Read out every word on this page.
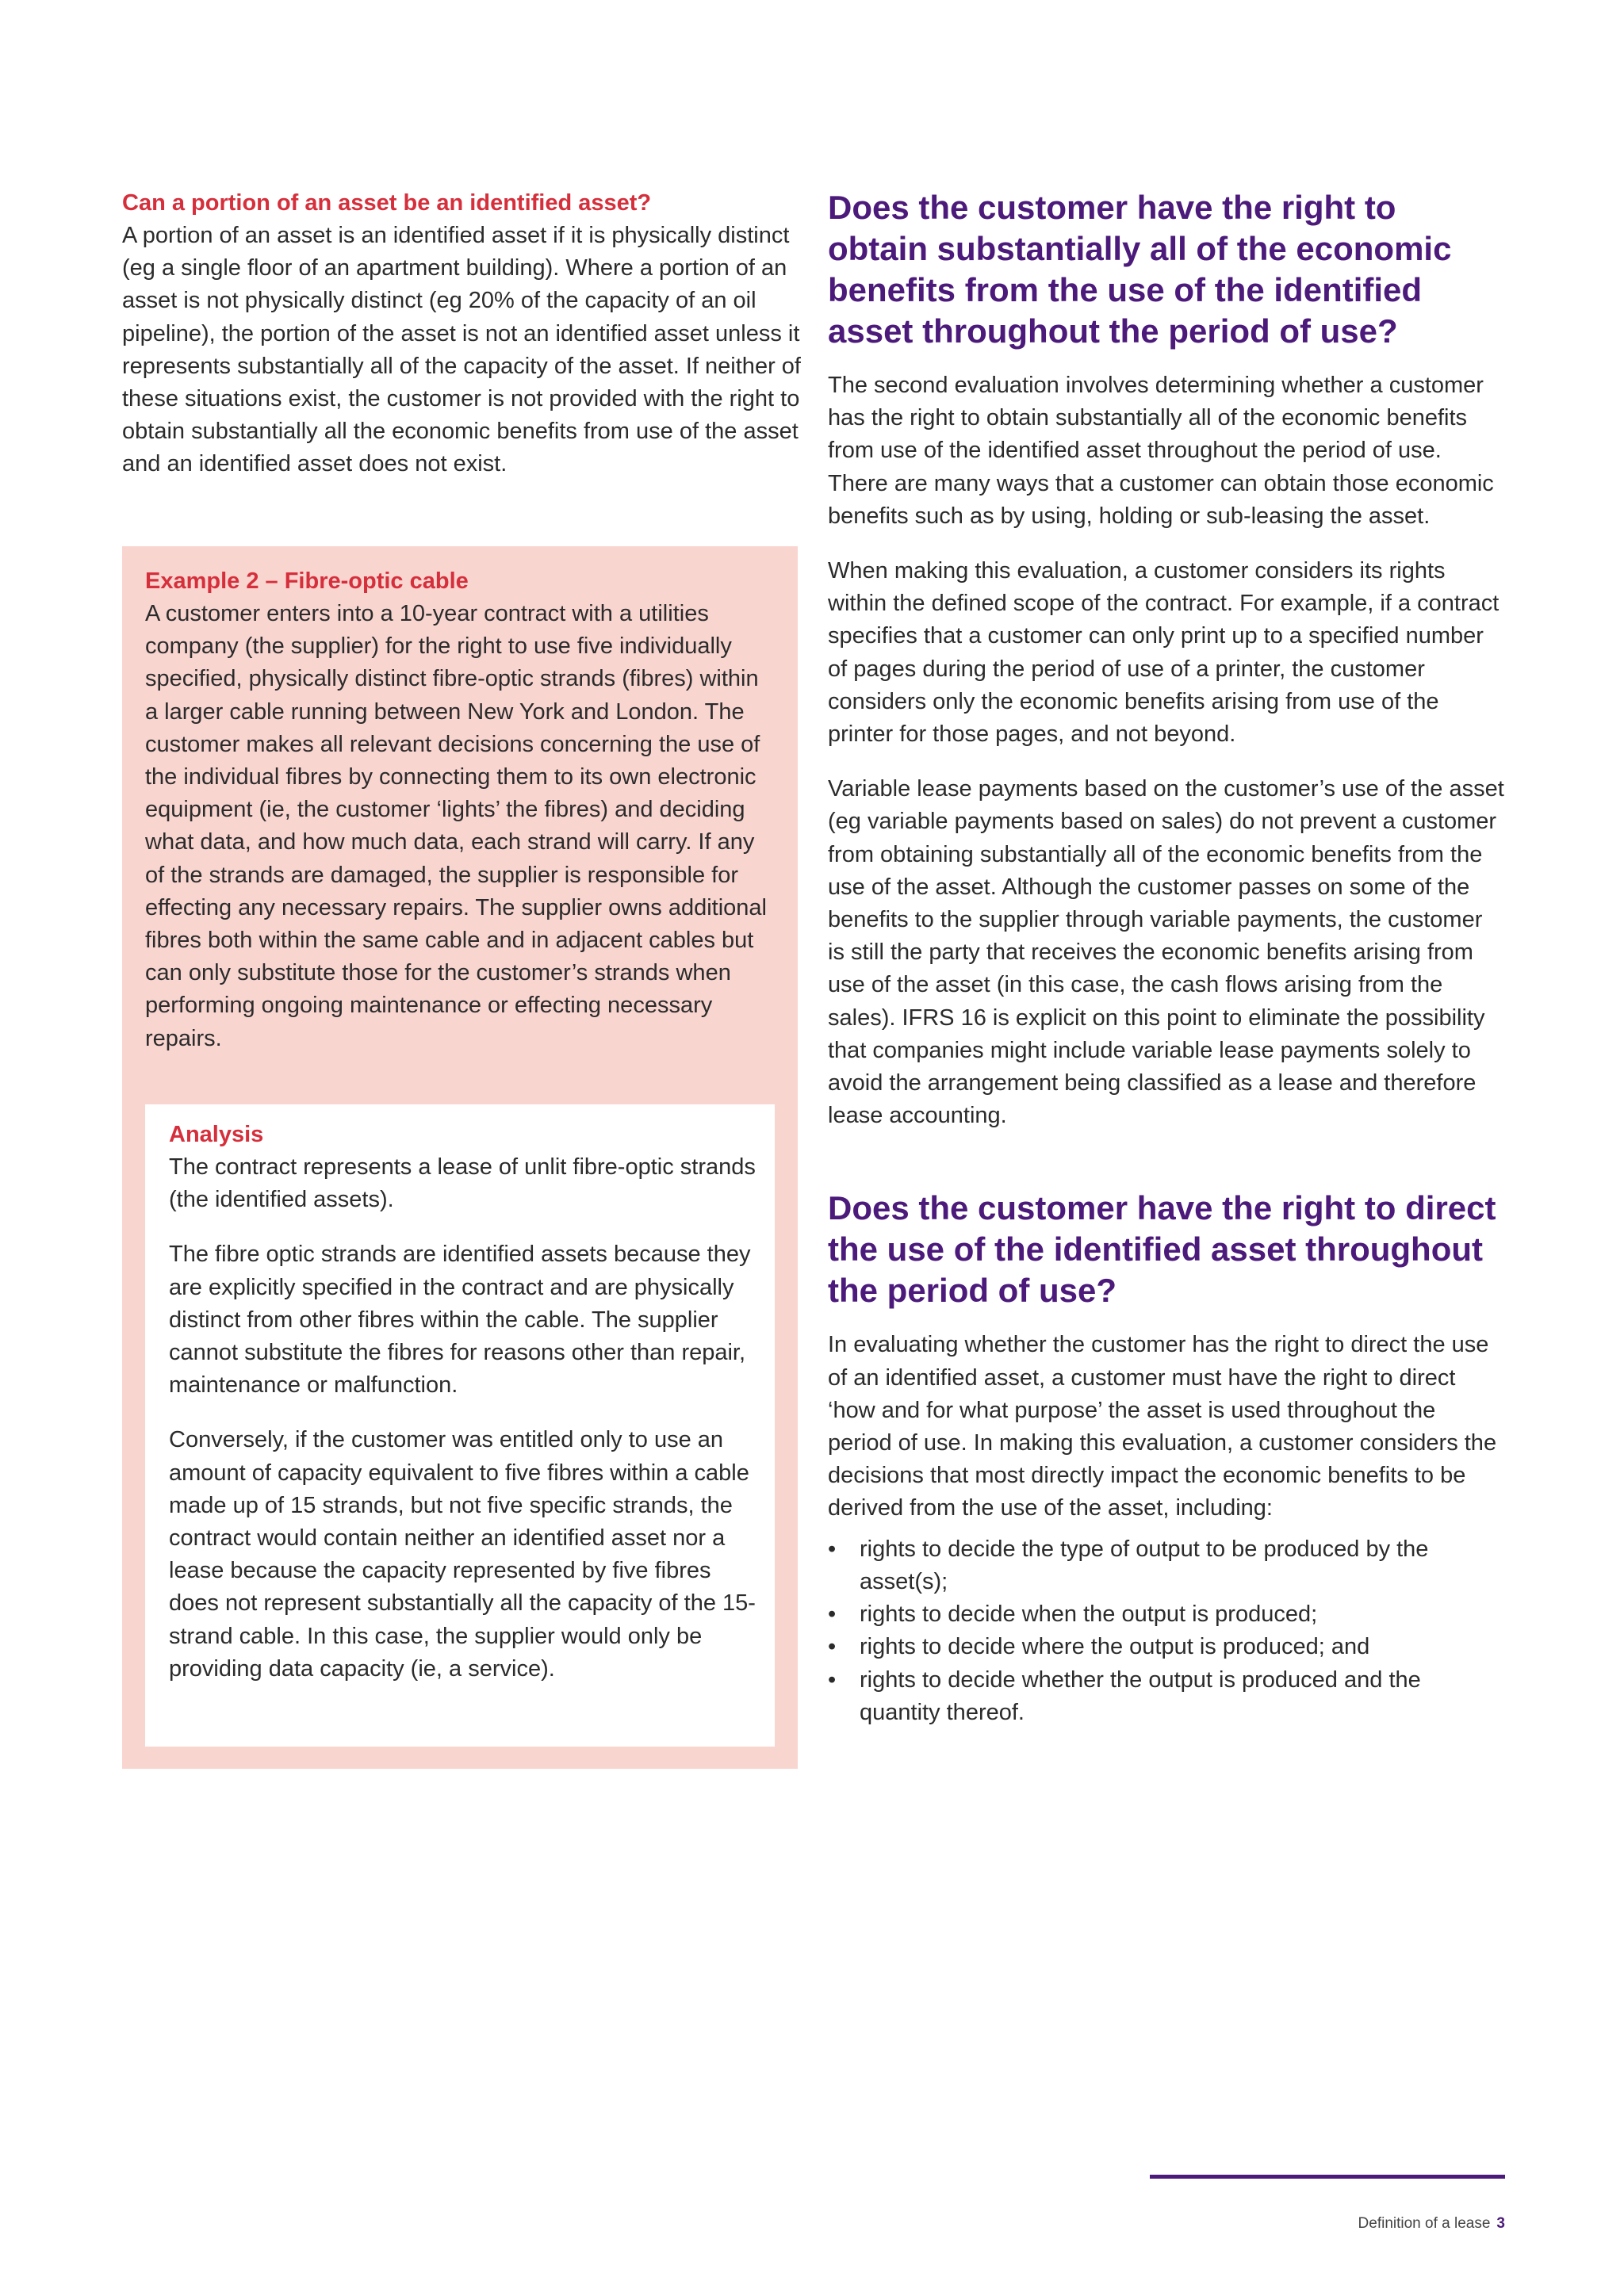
Can a portion of an asset be an identified asset?

A portion of an asset is an identified asset if it is physically distinct (eg a single floor of an apartment building). Where a portion of an asset is not physically distinct (eg 20% of the capacity of an oil pipeline), the portion of the asset is not an identified asset unless it represents substantially all of the capacity of the asset. If neither of these situations exist, the customer is not provided with the right to obtain substantially all the economic benefits from use of the asset and an identified asset does not exist.

Example 2 – Fibre-optic cable

A customer enters into a 10-year contract with a utilities company (the supplier) for the right to use five individually specified, physically distinct fibre-optic strands (fibres) within a larger cable running between New York and London. The customer makes all relevant decisions concerning the use of the individual fibres by connecting them to its own electronic equipment (ie, the customer ‘lights’ the fibres) and deciding what data, and how much data, each strand will carry. If any of the strands are damaged, the supplier is responsible for effecting any necessary repairs. The supplier owns additional fibres both within the same cable and in adjacent cables but can only substitute those for the customer’s strands when performing ongoing maintenance or effecting necessary repairs.

Analysis

The contract represents a lease of unlit fibre-optic strands (the identified assets).

The fibre optic strands are identified assets because they are explicitly specified in the contract and are physically distinct from other fibres within the cable. The supplier cannot substitute the fibres for reasons other than repair, maintenance or malfunction.

Conversely, if the customer was entitled only to use an amount of capacity equivalent to five fibres within a cable made up of 15 strands, but not five specific strands, the contract would contain neither an identified asset nor a lease because the capacity represented by five fibres does not represent substantially all the capacity of the 15-strand cable. In this case, the supplier would only be providing data capacity (ie, a service).

Does the customer have the right to obtain substantially all of the economic benefits from the use of the identified asset throughout the period of use?

The second evaluation involves determining whether a customer has the right to obtain substantially all of the economic benefits from use of the identified asset throughout the period of use. There are many ways that a customer can obtain those economic benefits such as by using, holding or sub-leasing the asset.

When making this evaluation, a customer considers its rights within the defined scope of the contract. For example, if a contract specifies that a customer can only print up to a specified number of pages during the period of use of a printer, the customer considers only the economic benefits arising from use of the printer for those pages, and not beyond.

Variable lease payments based on the customer’s use of the asset (eg variable payments based on sales) do not prevent a customer from obtaining substantially all of the economic benefits from the use of the asset. Although the customer passes on some of the benefits to the supplier through variable payments, the customer is still the party that receives the economic benefits arising from use of the asset (in this case, the cash flows arising from the sales). IFRS 16 is explicit on this point to eliminate the possibility that companies might include variable lease payments solely to avoid the arrangement being classified as a lease and therefore lease accounting.

Does the customer have the right to direct the use of the identified asset throughout the period of use?

In evaluating whether the customer has the right to direct the use of an identified asset, a customer must have the right to direct ‘how and for what purpose’ the asset is used throughout the period of use. In making this evaluation, a customer considers the decisions that most directly impact the economic benefits to be derived from the use of the asset, including:

• rights to decide the type of output to be produced by the asset(s);
• rights to decide when the output is produced;
• rights to decide where the output is produced; and
• rights to decide whether the output is produced and the quantity thereof.
Definition of a lease 3
